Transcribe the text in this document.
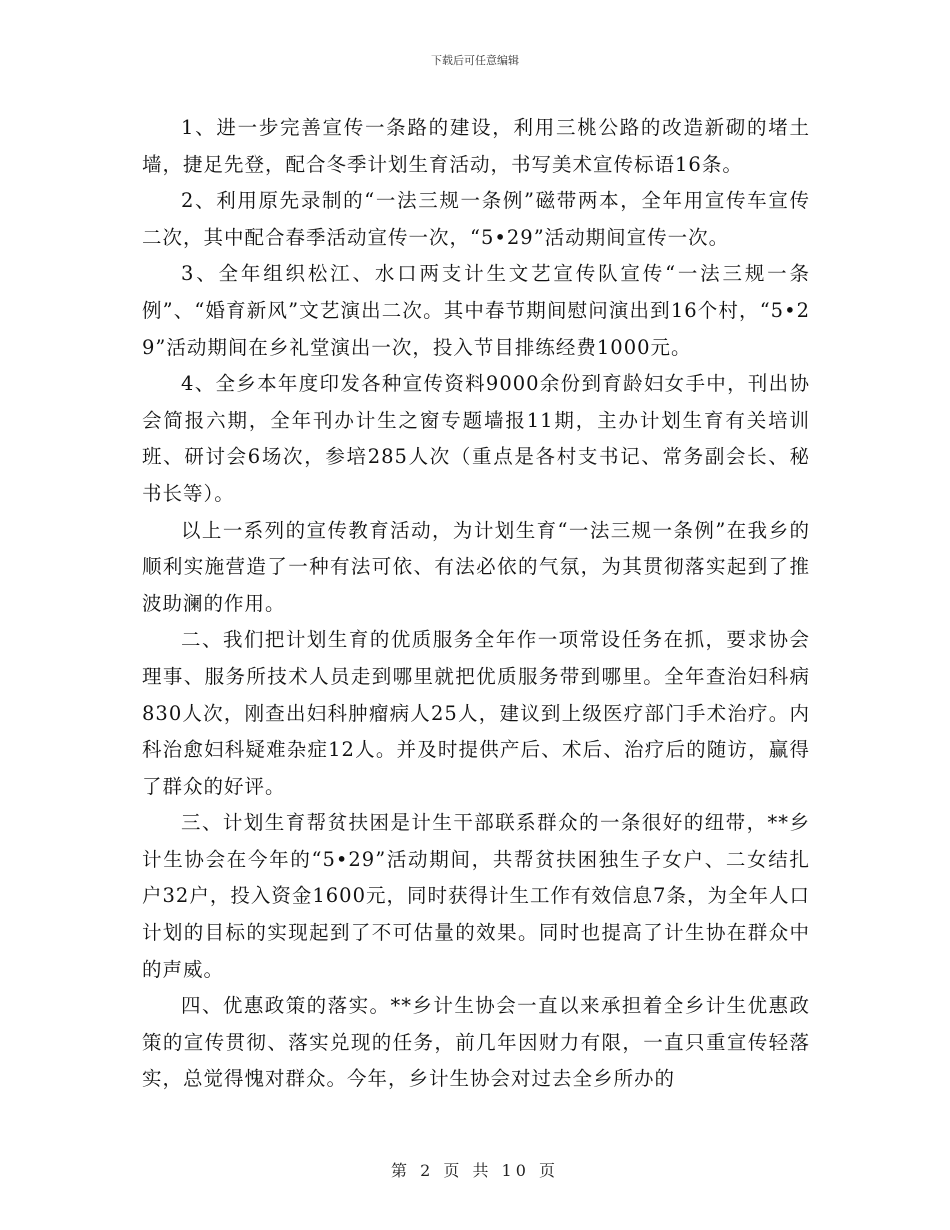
下载后可任意编辑

1、进一步完善宣传一条路的建设，利用三桃公路的改造新砌的堵土墙，捷足先登，配合冬季计划生育活动，书写美术宣传标语16条。

2、利用原先录制的“一法三规一条例”磁带两本，全年用宣传车宣传二次，其中配合春季活动宣传一次，“5•29”活动期间宣传一次。

3、全年组织松江、水口两支计生文艺宣传队宣传“一法三规一条例”、“婚育新风”文艺演出二次。其中春节期间慰问演出到16个村，“5•29”活动期间在乡礼堂演出一次，投入节目排练经费1000元。

4、全乡本年度印发各种宣传资料9000余份到育龄妇女手中，刊出协会简报六期，全年刊办计生之窗专题墙报11期，主办计划生育有关培训班、研讨会6场次，参培285人次（重点是各村支书记、常务副会长、秘书长等）。

以上一系列的宣传教育活动，为计划生育“一法三规一条例”在我乡的顺利实施营造了一种有法可依、有法必依的气氛，为其贯彻落实起到了推波助澜的作用。

二、我们把计划生育的优质服务全年作一项常设任务在抓，要求协会理事、服务所技术人员走到哪里就把优质服务带到哪里。全年查治妇科病830人次，刚查出妇科肿瘤病人25人，建议到上级医疗部门手术治疗。内科治愈妇科疑难杂症12人。并及时提供产后、术后、治疗后的随访，赢得了群众的好评。

三、计划生育帮贫扶困是计生干部联系群众的一条很好的纽带，**乡计生协会在今年的“5•29”活动期间，共帮贫扶困独生子女户、二女结扎户32户，投入资金1600元，同时获得计生工作有效信息7条，为全年人口计划的目标的实现起到了不可估量的效果。同时也提高了计生协在群众中的声威。

四、优惠政策的落实。**乡计生协会一直以来承担着全乡计生优惠政策的宣传贯彻、落实兑现的任务，前几年因财力有限，一直只重宣传轻落实，总觉得愧对群众。今年，乡计生协会对过去全乡所办的

第 2 页 共 10 页
